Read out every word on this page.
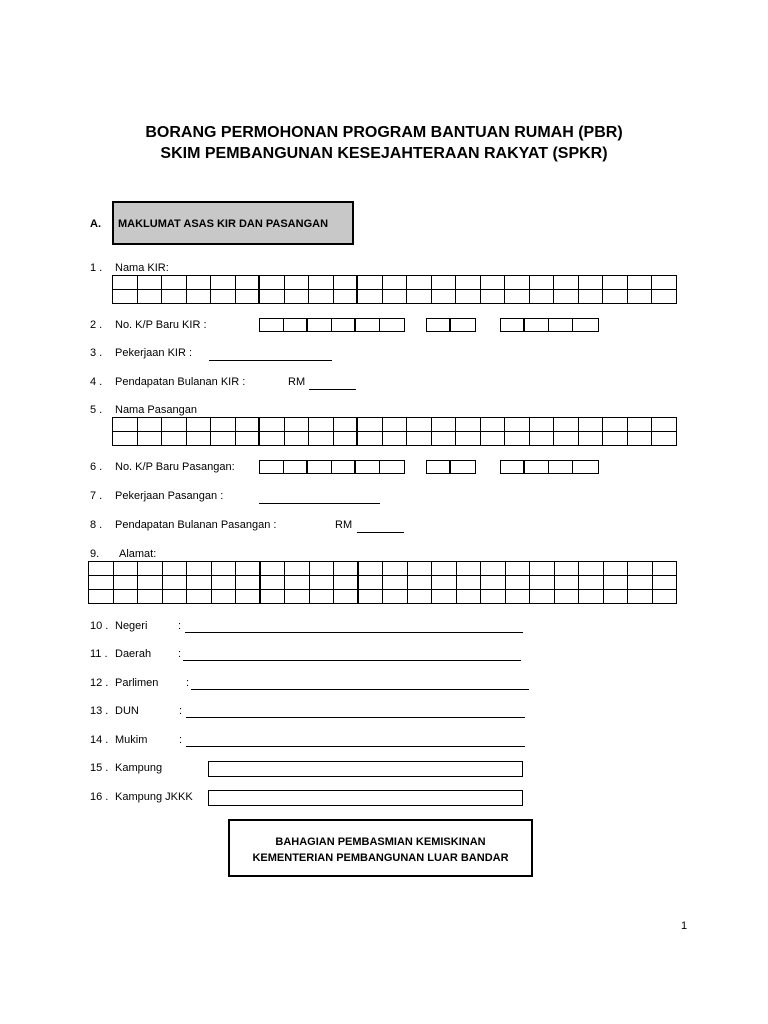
BORANG PERMOHONAN PROGRAM BANTUAN RUMAH (PBR)
SKIM PEMBANGUNAN KESEJAHTERAAN RAKYAT (SPKR)
A.	MAKLUMAT ASAS KIR DAN PASANGAN
1 . Nama KIR:
2 . No. K/P Baru KIR :
3 . Pekerjaan KIR :
4 . Pendapatan Bulanan KIR :	RM
5 . Nama Pasangan
6 . No. K/P Baru Pasangan:
7 . Pekerjaan Pasangan :
8 . Pendapatan Bulanan Pasangan :	RM
9. Alamat:
10 . Negeri	:
11 . Daerah :
12 . Parlimen	:
13 . DUN	:
14 . Mukim	:
15 . Kampung
16 . Kampung JKKK
BAHAGIAN PEMBASMIAN KEMISKINAN
KEMENTERIAN PEMBANGUNAN LUAR BANDAR
1
